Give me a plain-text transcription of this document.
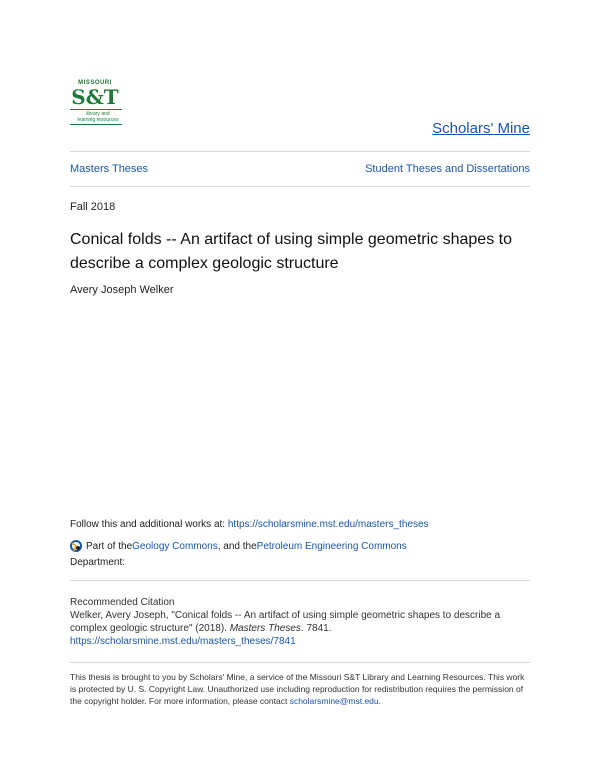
MISSOURI
S&T
library and
learning resources	Scholars' Mine
Masters Theses	Student Theses and Dissertations
Fall 2018
Conical folds -- An artifact of using simple geometric shapes to describe a complex geologic structure
Avery Joseph Welker
Follow this and additional works at: https://scholarsmine.mst.edu/masters_theses
Part of the Geology Commons , and the Petroleum Engineering Commons
Department:
Recommended Citation
Welker, Avery Joseph, "Conical folds -- An artifact of using simple geometric shapes to describe a complex geologic structure" (2018). Masters Theses. 7841.
https://scholarsmine.mst.edu/masters_theses/7841
This thesis is brought to you by Scholars' Mine, a service of the Missouri S&T Library and Learning Resources. This work is protected by U. S. Copyright Law. Unauthorized use including reproduction for redistribution requires the permission of the copyright holder. For more information, please contact scholarsmine@mst.edu.
